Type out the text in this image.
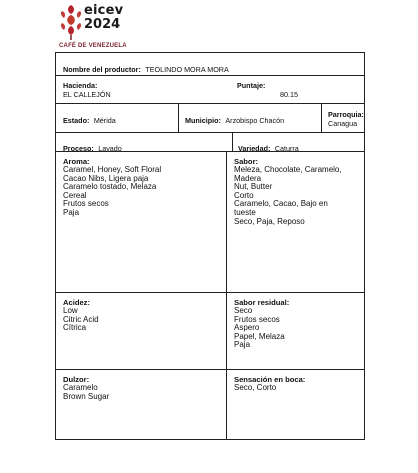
eicev
2024
CAFÉ DE VENEZUELA
Nombre del productor: TEOLINDO MORA MORA
Hacienda:
EL CALLEJÓN
Puntaje:
80.15
Estado: Mérida	Municipio: Arzobispo Chacón
Parroquia:
Canagua
Proceso: Lavado	Variedad: Caturra
Aroma:
Caramel, Honey, Soft Floral
Cacao Nibs, Ligera paja
Caramelo tostado, Melaza
Cereal
Frutos secos
Paja
Sabor:
Meleza, Chocolate, Caramelo,
Madera
Nut, Butter
Corto
Caramelo, Cacao, Bajo en
tueste
Seco, Paja, Reposo
Acidez:
Low
Citric Acid
Cítrica
Sabor residual:
Seco
Frutos secos
Aspero
Papel, Melaza
Paja
Dulzor:
Caramelo
Brown Sugar
Sensación en boca:
Seco, Corto
